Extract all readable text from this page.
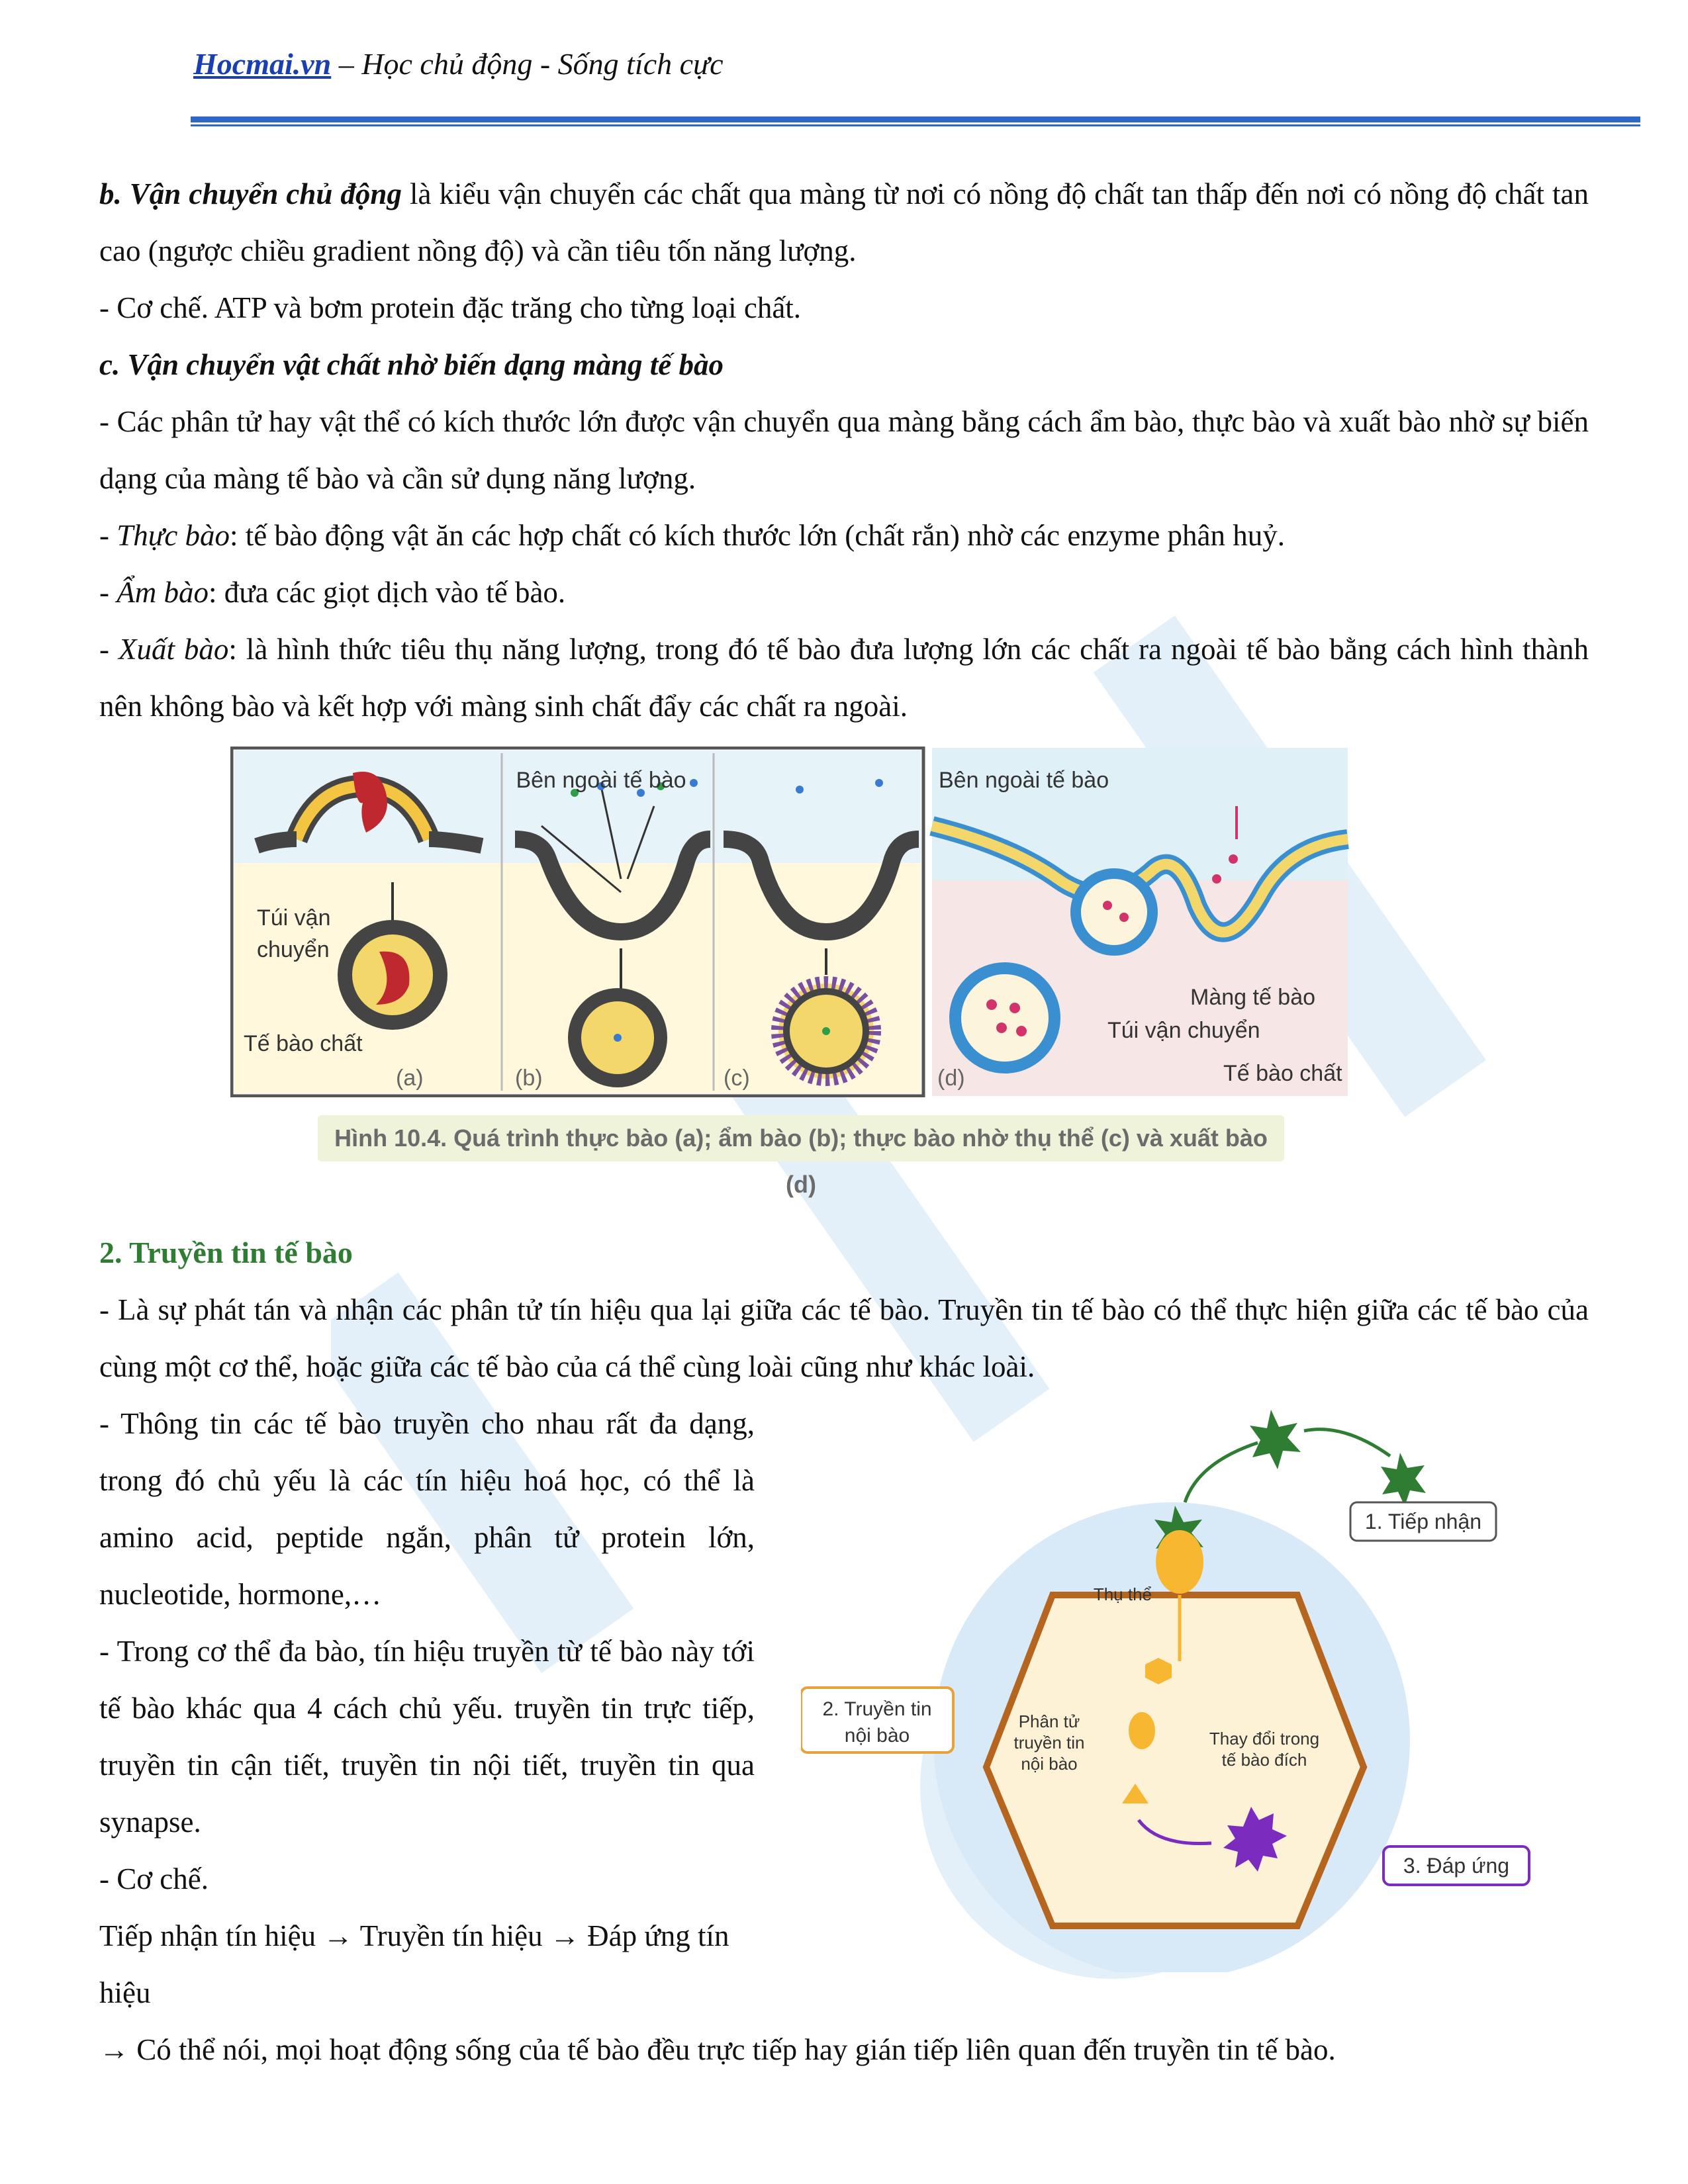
Hocmai.vn – Học chủ động - Sống tích cực
b. Vận chuyển chủ động là kiểu vận chuyển các chất qua màng từ nơi có nồng độ chất tan thấp đến nơi có nồng độ chất tan cao (ngược chiều gradient nồng độ) và cần tiêu tốn năng lượng.
- Cơ chế. ATP và bơm protein đặc trăng cho từng loại chất.
c. Vận chuyển vật chất nhờ biến dạng màng tế bào
- Các phân tử hay vật thể có kích thước lớn được vận chuyển qua màng bằng cách ẩm bào, thực bào và xuất bào nhờ sự biến dạng của màng tế bào và cần sử dụng năng lượng.
- Thực bào: tế bào động vật ăn các hợp chất có kích thước lớn (chất rắn) nhờ các enzyme phân huỷ.
- Ẩm bào: đưa các giọt dịch vào tế bào.
- Xuất bào: là hình thức tiêu thụ năng lượng, trong đó tế bào đưa lượng lớn các chất ra ngoài tế bào bằng cách hình thành nên không bào và kết hợp với màng sinh chất đẩy các chất ra ngoài.
Bên ngoài tế bào
Túi vận
chuyển
Tế bào chất
(a)	(b)	(c)
Bên ngoài tế bào
Màng tế bào
Túi vận chuyển
Tế bào chất
(d)
Hình 10.4. Quá trình thực bào (a); ẩm bào (b); thực bào nhờ thụ thể (c) và xuất bào (d)
2. Truyền tin tế bào
- Là sự phát tán và nhận các phân tử tín hiệu qua lại giữa các tế bào. Truyền tin tế bào có thể thực hiện giữa các tế bào của cùng một cơ thể, hoặc giữa các tế bào của cá thể cùng loài cũng như khác loài.
- Thông tin các tế bào truyền cho nhau rất đa dạng, trong đó chủ yếu là các tín hiệu hoá học, có thể là amino acid, peptide ngắn, phân tử protein lớn, nucleotide, hormone,…
- Trong cơ thể đa bào, tín hiệu truyền từ tế bào này tới tế bào khác qua 4 cách chủ yếu. truyền tin trực tiếp, truyền tin cận tiết, truyền tin nội tiết, truyền tin qua synapse.
- Cơ chế.
Tiếp nhận tín hiệu → Truyền tín hiệu → Đáp ứng tín hiệu
→ Có thể nói, mọi hoạt động sống của tế bào đều trực tiếp hay gián tiếp liên quan đến truyền tin tế bào.
1. Tiếp nhận
Thụ thể
2. Truyền tin
nội bào
Phân tử
truyền tin
nội bào
Thay đổi trong
tế bào đích
3. Đáp ứng
